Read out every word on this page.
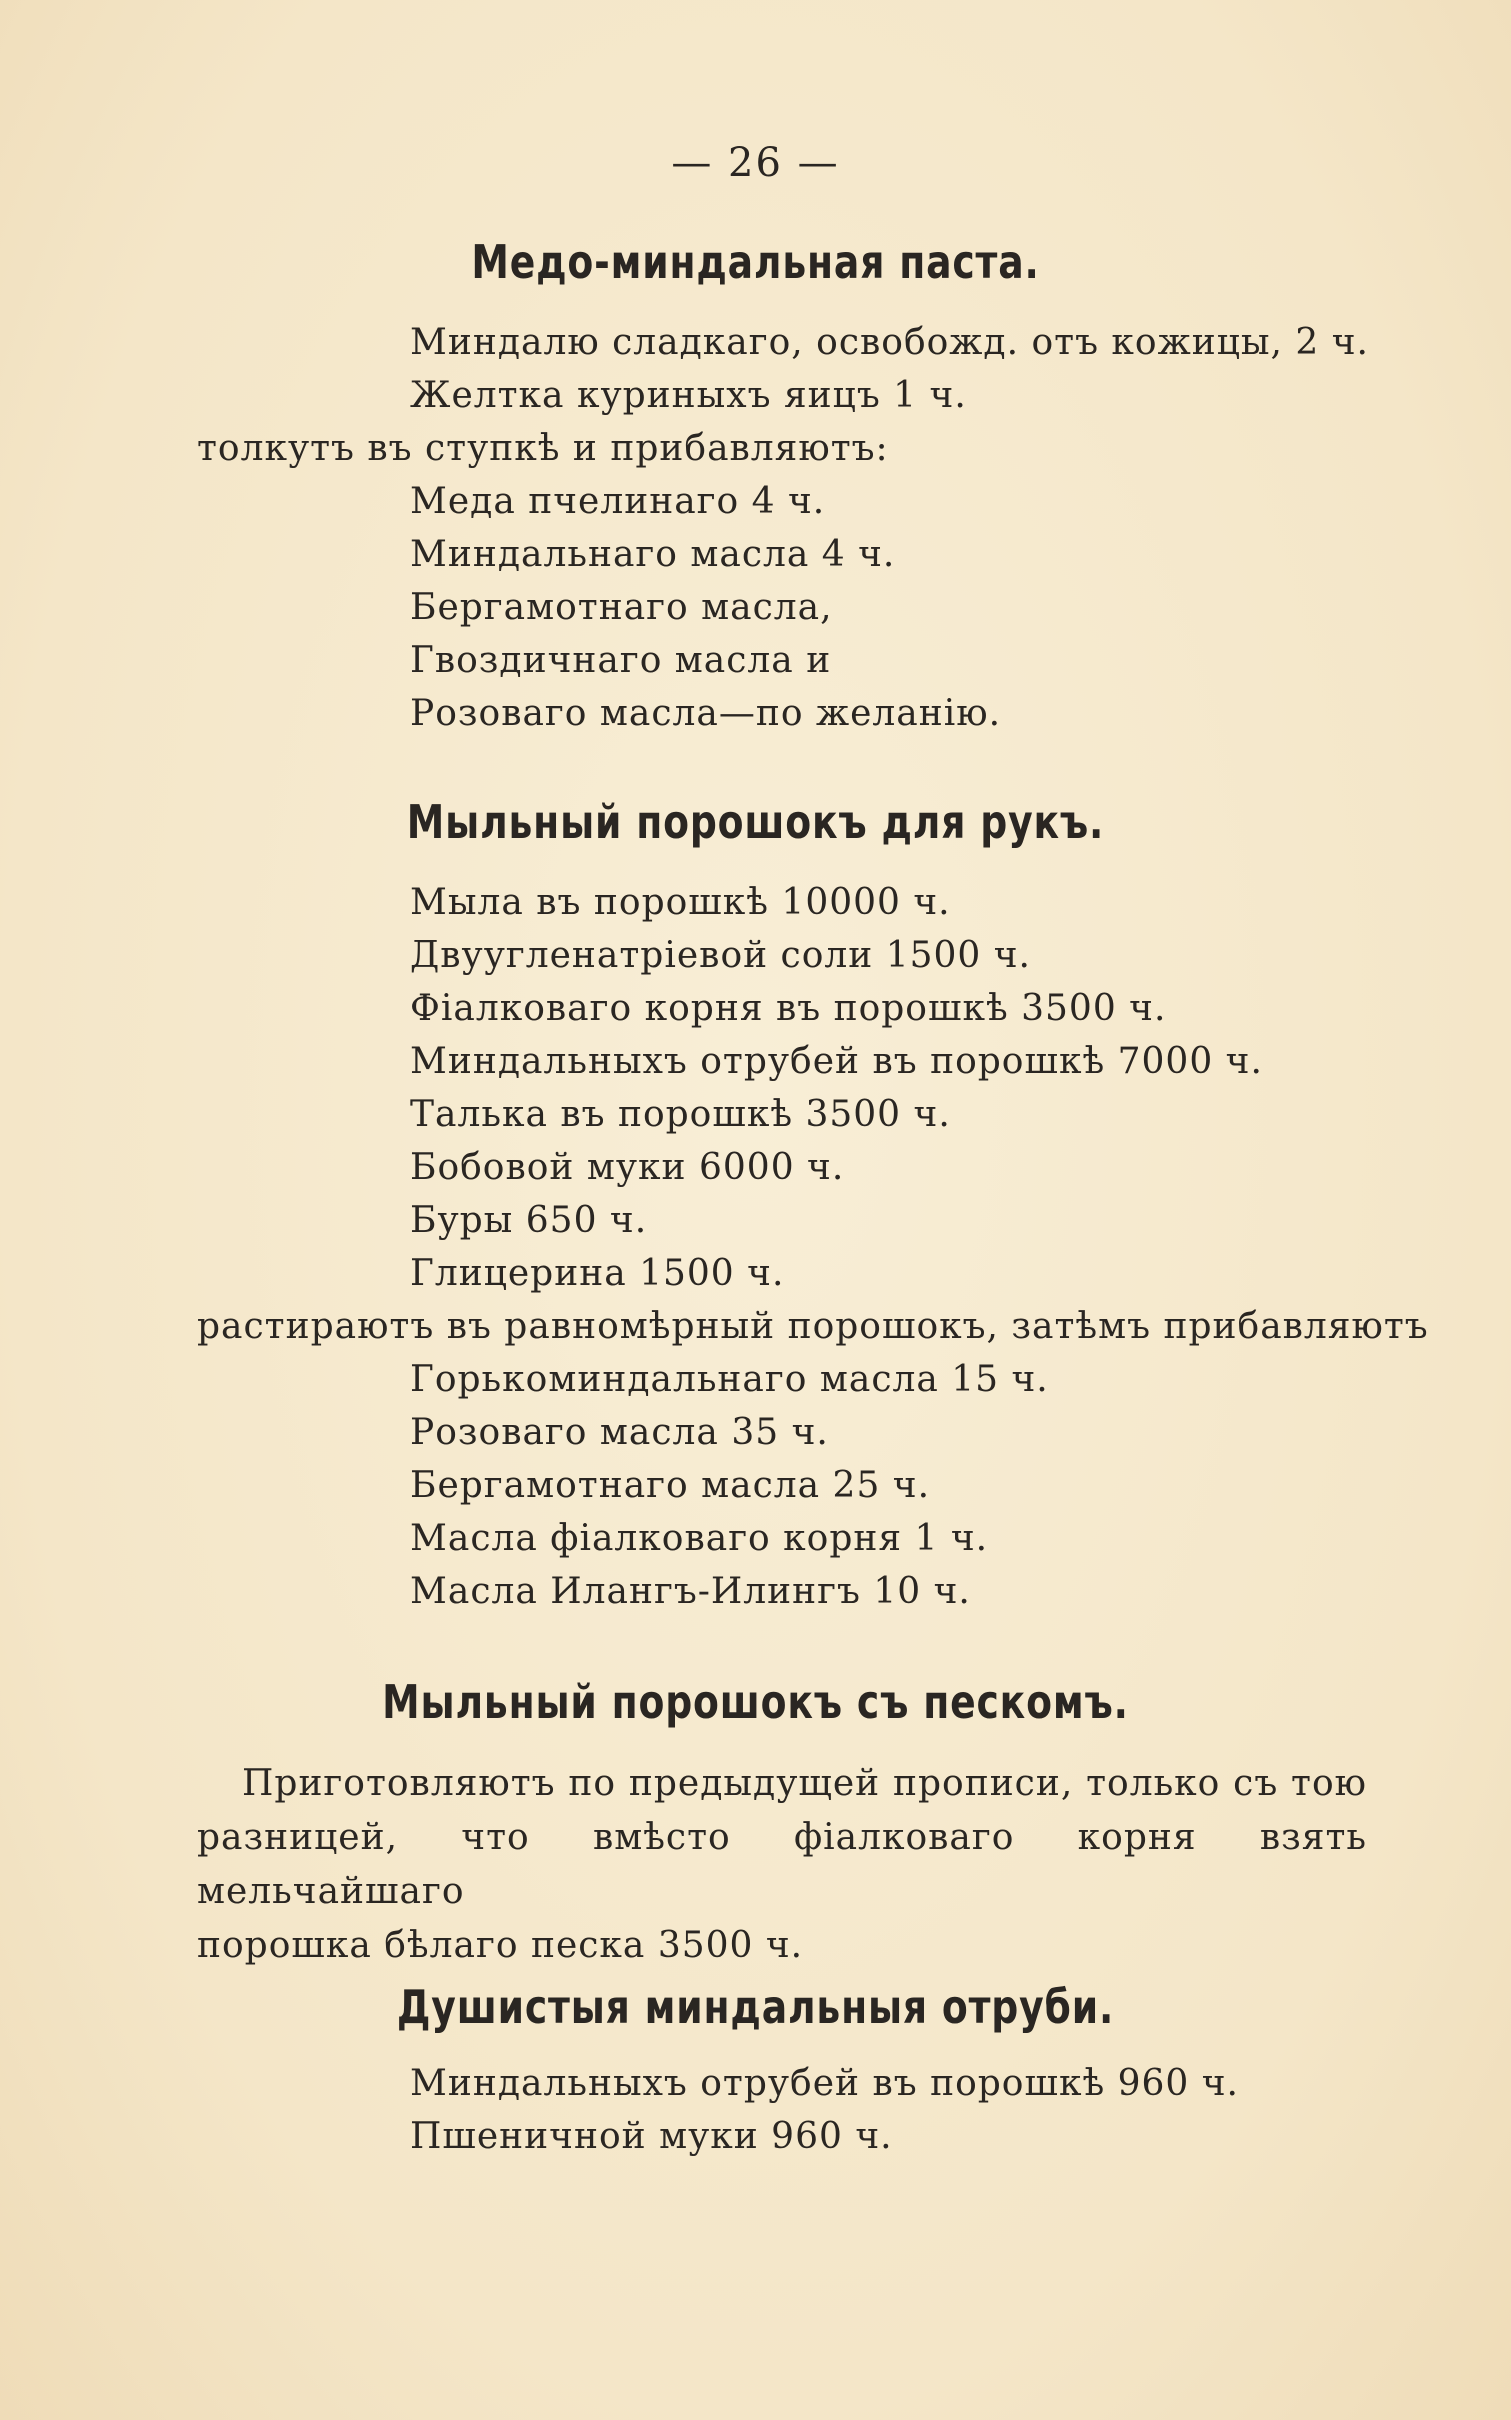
— 26 —
Медо-миндальная паста.
Миндалю сладкаго, освобожд. отъ кожицы, 2 ч.
Желтка куриныхъ яицъ 1 ч.
толкутъ въ ступкѣ и прибавляютъ:
Меда пчелинаго 4 ч.
Миндальнаго масла 4 ч.
Бергамотнаго масла,
Гвоздичнаго масла и
Розоваго масла—по желанію.
Мыльный порошокъ для рукъ.
Мыла въ порошкѣ 10000 ч.
Двуугленатріевой соли 1500 ч.
Фіалковаго корня въ порошкѣ 3500 ч.
Миндальныхъ отрубей въ порошкѣ 7000 ч.
Талька въ порошкѣ 3500 ч.
Бобовой муки 6000 ч.
Буры 650 ч.
Глицерина 1500 ч.
растираютъ въ равномѣрный порошокъ, затѣмъ прибавляютъ
Горькоминдальнаго масла 15 ч.
Розоваго масла 35 ч.
Бергамотнаго масла 25 ч.
Масла фіалковаго корня 1 ч.
Масла Илангъ-Илингъ 10 ч.
Мыльный порошокъ съ пескомъ.
Приготовляютъ по предыдущей прописи, только съ тою
разницей, что вмѣсто фіалковаго корня взять мельчайшаго
порошка бѣлаго песка 3500 ч.
Душистыя миндальныя отруби.
Миндальныхъ отрубей въ порошкѣ 960 ч.
Пшеничной муки 960 ч.
